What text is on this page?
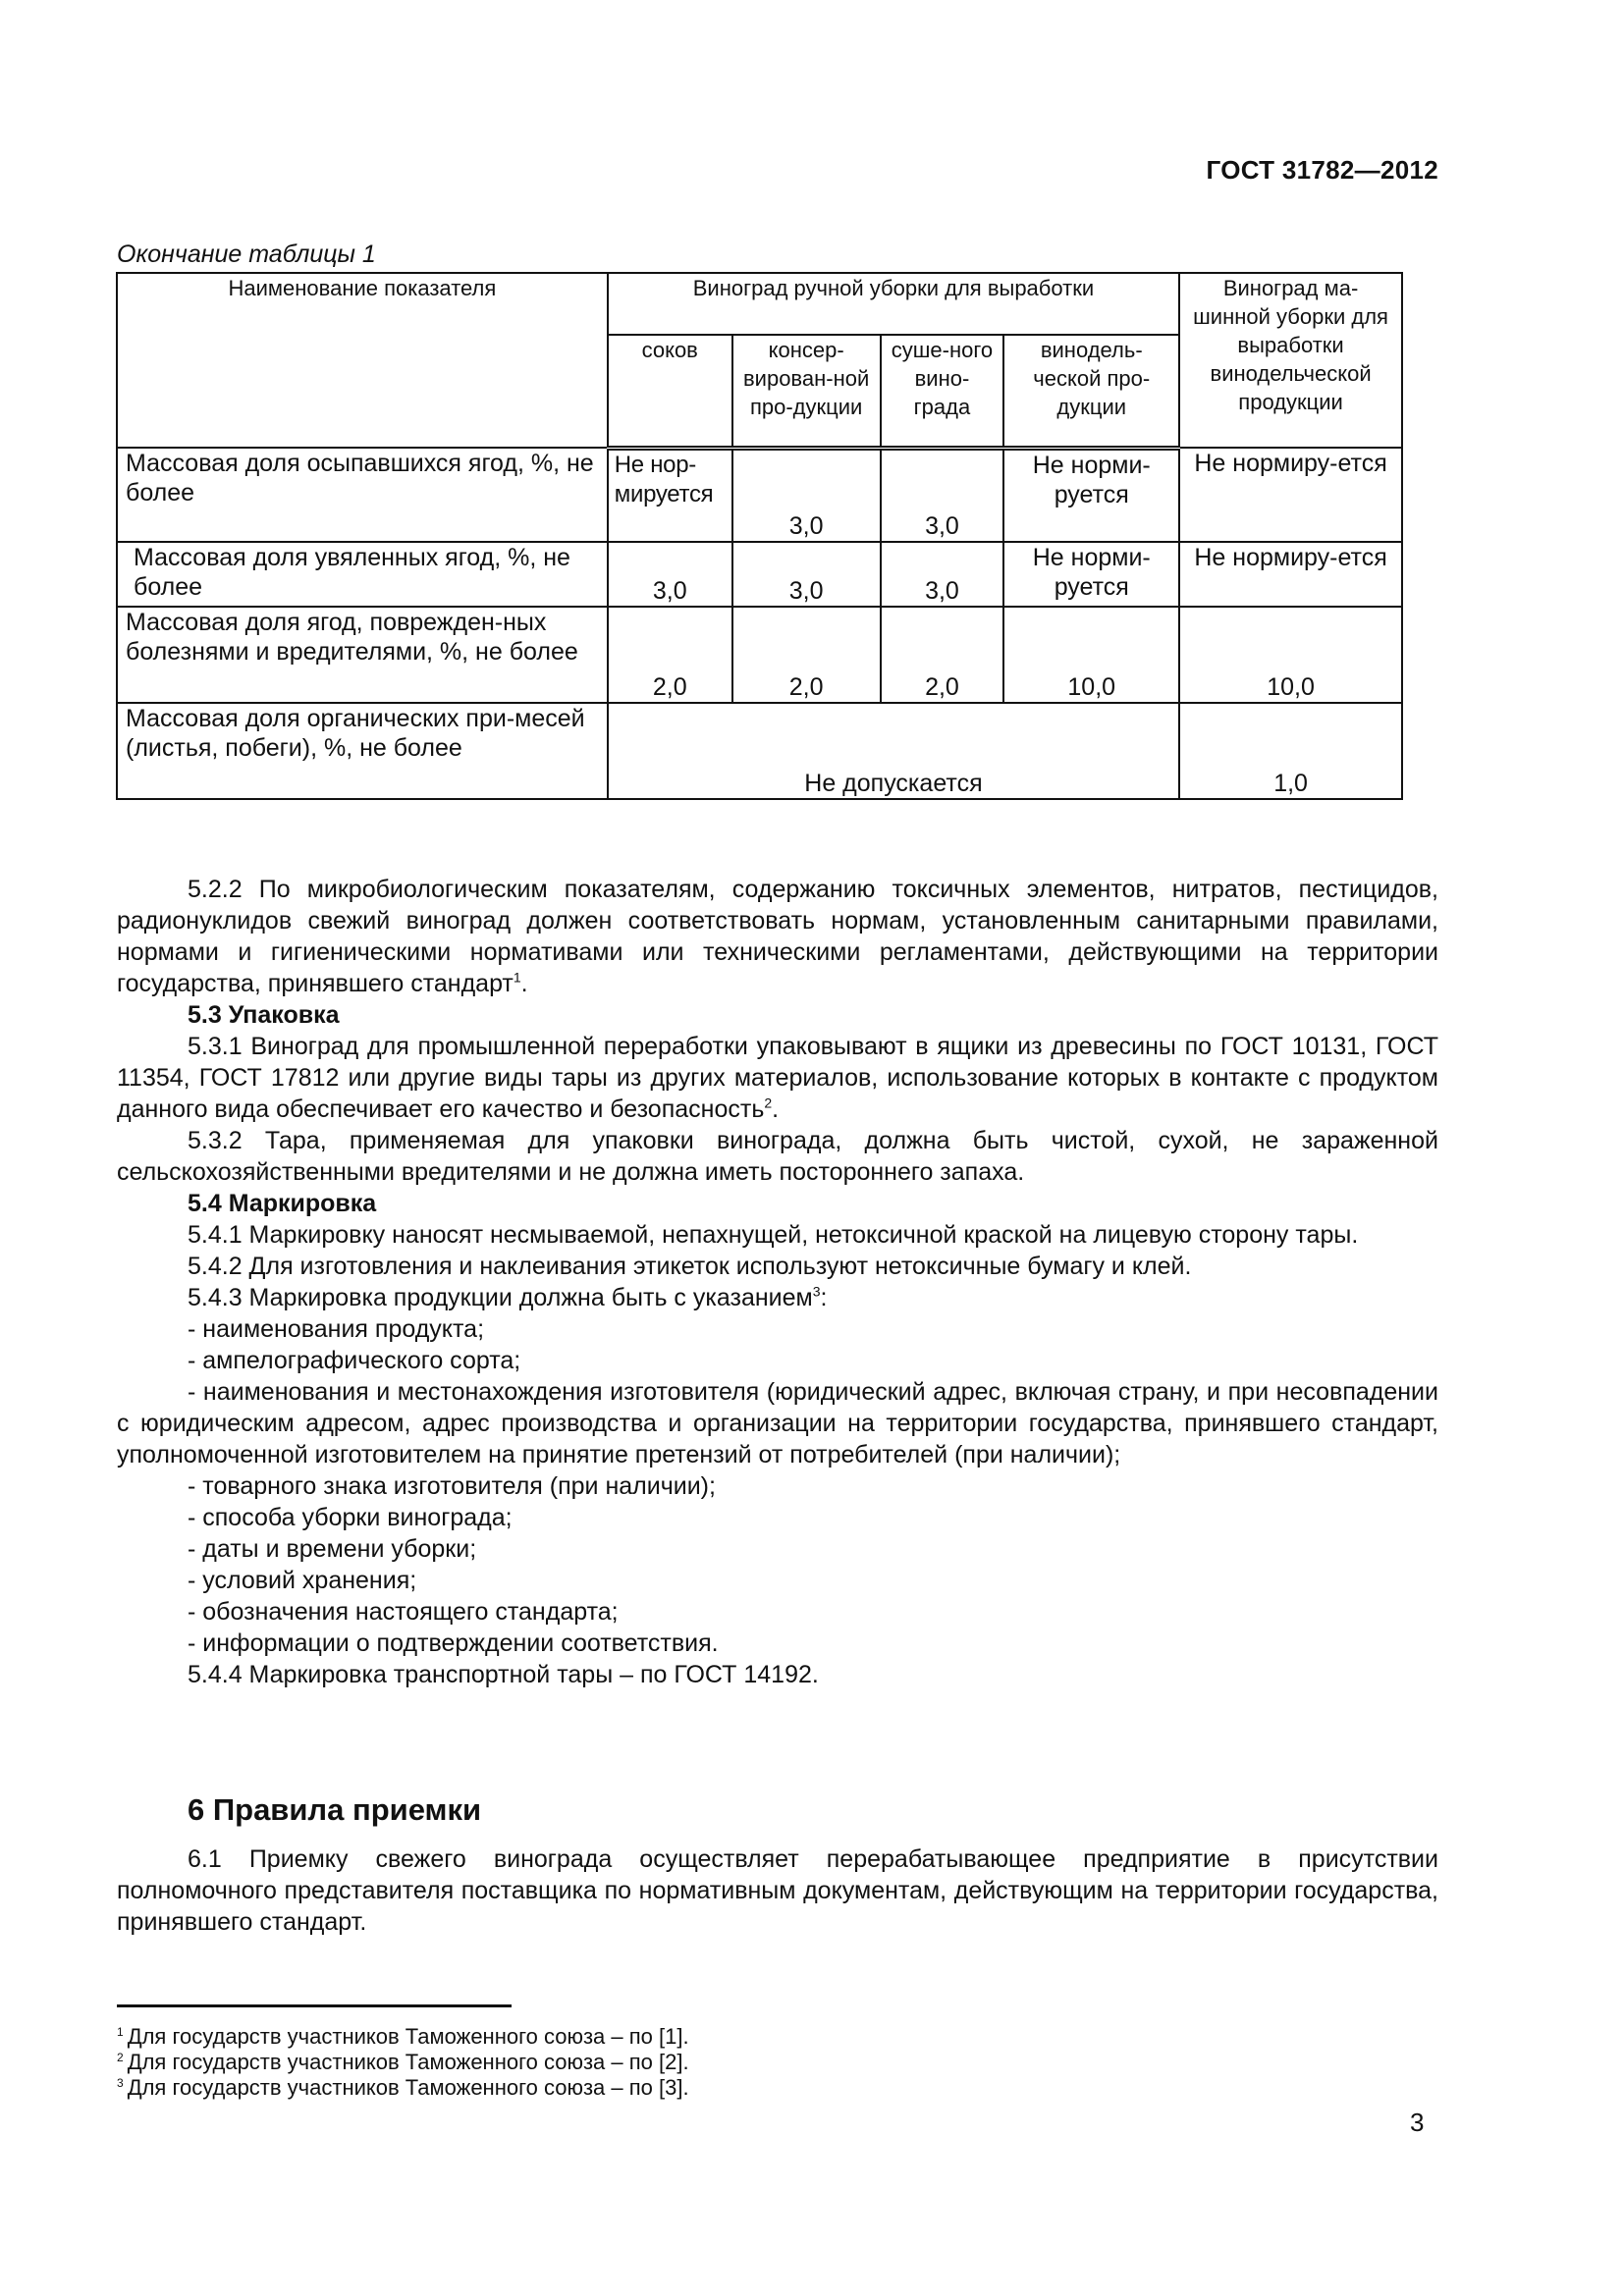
ГОСТ 31782—2012
Окончание таблицы 1
Наименование показателя	Виноград ручной уборки для выработки				Виноград ма-шинной уборки для выработки винодельческой продукции
	соков	консер-вирован-ной про-дукции	суше-ного вино-града	винодель-ческой про-дукции	
Массовая доля осыпавшихся ягод, %, не более	Не нор-мируется	3,0	3,0	Не норми-руется	Не нормиру-ется

Массовая доля увяленных ягод, %, не более	3,0	3,0	3,0	Не норми-руется	Не нормиру-ется
Массовая доля ягод, поврежден-ных болезнями и вредителями, %, не более	2,0	2,0	2,0	10,0	10,0
Массовая доля органических при-месей (листья, побеги), %, не более	Не допускается				1,0

5.2.2 По микробиологическим показателям, содержанию токсичных элементов, нитратов, пестицидов, радионуклидов свежий виноград должен соответствовать нормам, установленным санитарными правилами, нормами и гигиеническими нормативами или техническими регламентами, действующими на территории государства, принявшего стандарт$^1$.

5.3 Упаковка

5.3.1 Виноград для промышленной переработки упаковывают в ящики из древесины по ГОСТ 10131, ГОСТ 11354, ГОСТ 17812 или другие виды тары из других материалов, использование которых в контакте с продуктом данного вида обеспечивает его качество и безопасность$^2$.

5.3.2 Тара, применяемая для упаковки винограда, должна быть чистой, сухой, не зараженной сельскохозяйственными вредителями и не должна иметь постороннего запаха.

5.4 Маркировка

5.4.1 Маркировку наносят несмываемой, непахнущей, нетоксичной краской на лицевую сторону тары.

5.4.2 Для изготовления и наклеивания этикеток используют нетоксичные бумагу и клей.

5.4.3 Маркировка продукции должна быть с указанием$^3$:

- наименования продукта;

- ампелографического сорта;

- наименования и местонахождения изготовителя (юридический адрес, включая страну, и при несовпадении с юридическим адресом, адрес производства и организации на территории государства, принявшего стандарт, уполномоченной изготовителем на принятие претензий от потребителей (при наличии);

- товарного знака изготовителя (при наличии);

- способа уборки винограда;

- даты и времени уборки;

- условий хранения;

- обозначения настоящего стандарта;

- информации о подтверждении соответствия.

5.4.4 Маркировка транспортной тары – по ГОСТ 14192.

6 Правила приемки

6.1 Приемку свежего винограда осуществляет перерабатывающее предприятие в присутствии полномочного представителя поставщика по нормативным документам, действующим на территории государства, принявшего стандарт.

$^1$ Для государств участников Таможенного союза – по [1].
$^2$ Для государств участников Таможенного союза – по [2].
$^3$ Для государств участников Таможенного союза – по [3].
3
